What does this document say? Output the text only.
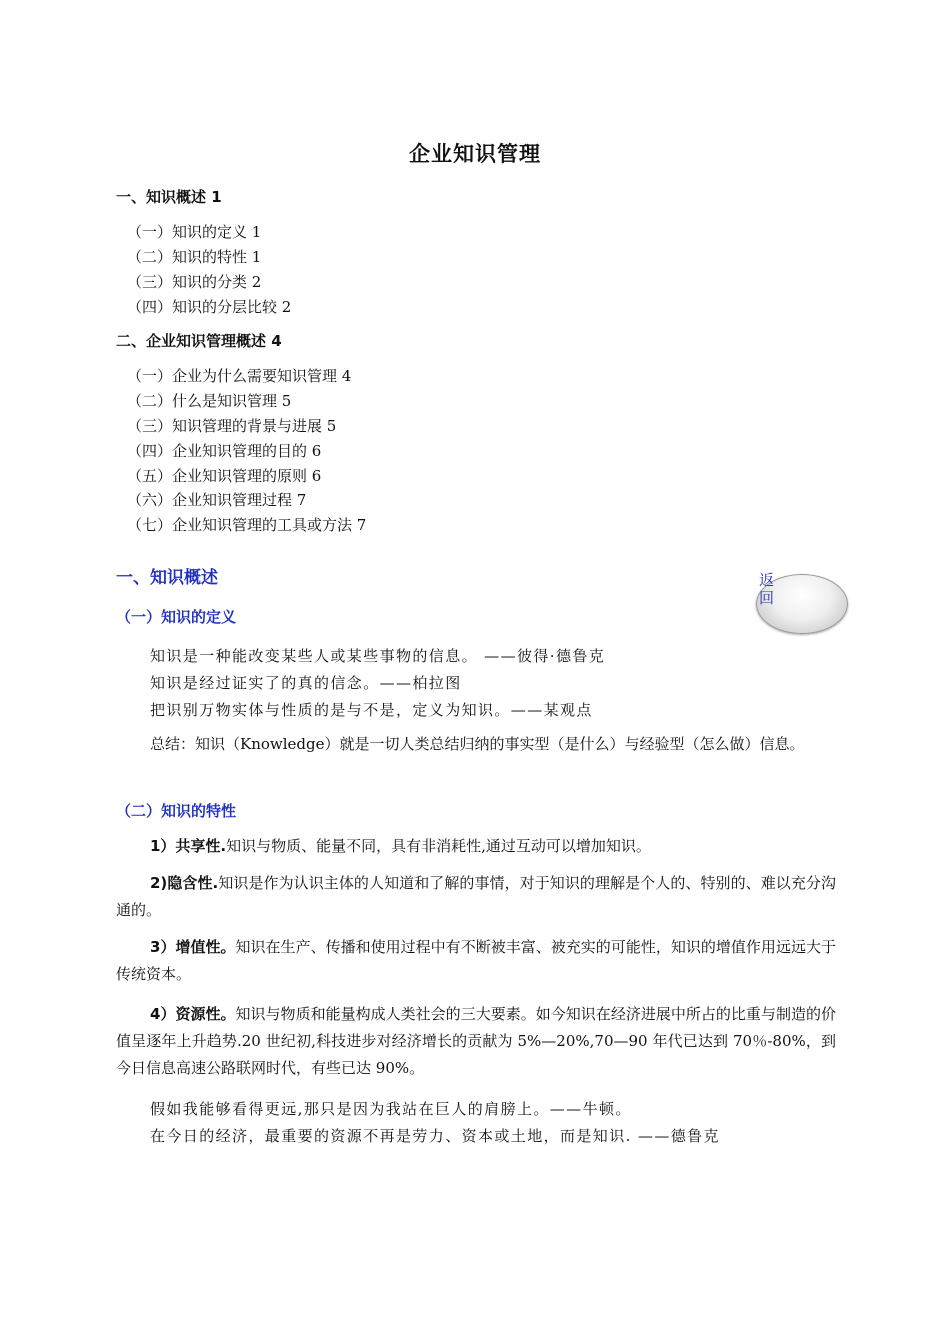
企业知识管理
一、知识概述 1
（一）知识的定义 1
（二）知识的特性 1
（三）知识的分类 2
（四）知识的分层比较 2
二、企业知识管理概述 4
（一）企业为什么需要知识管理 4
（二）什么是知识管理 5
（三）知识管理的背景与进展 5
（四）企业知识管理的目的 6
（五）企业知识管理的原则 6
（六）企业知识管理过程 7
（七）企业知识管理的工具或方法 7
一、知识概述	返回
（一）知识的定义
知识是一种能改变某些人或某些事物的信息。 ——彼得·德鲁克
知识是经过证实了的真的信念。——柏拉图
把识别万物实体与性质的是与不是，定义为知识。——某观点
总结：知识（Knowledge）就是一切人类总结归纳的事实型（是什么）与经验型（怎么做）信息。
（二）知识的特性
1）共享性.知识与物质、能量不同，具有非消耗性,通过互动可以增加知识。
2)隐含性.知识是作为认识主体的人知道和了解的事情，对于知识的理解是个人的、特别的、难以充分沟通的。
3）增值性。知识在生产、传播和使用过程中有不断被丰富、被充实的可能性，知识的增值作用远远大于传统资本。
4）资源性。知识与物质和能量构成人类社会的三大要素。如今知识在经济进展中所占的比重与制造的价值呈逐年上升趋势.20 世纪初,科技进步对经济增长的贡献为 5%—20%,70—90 年代已达到 70％-80%，到今日信息高速公路联网时代，有些已达 90%。
假如我能够看得更远,那只是因为我站在巨人的肩膀上。——牛顿。
在今日的经济，最重要的资源不再是劳力、资本或土地，而是知识. ——德鲁克
